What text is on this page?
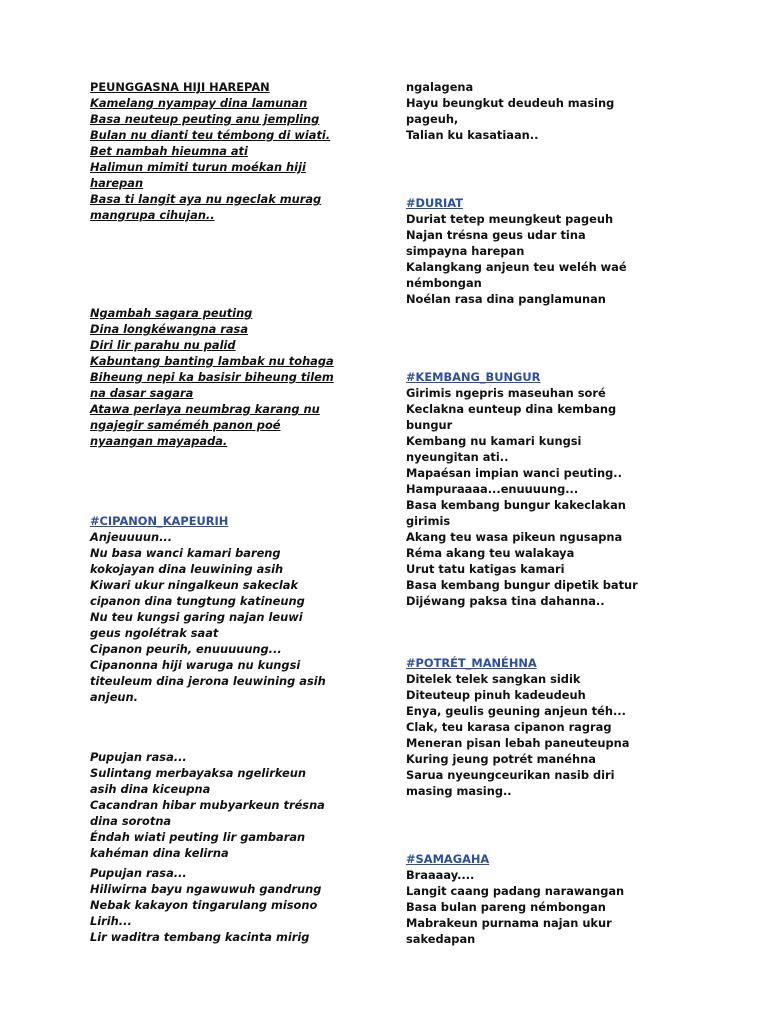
PEUNGGASNA HIJI HAREPAN
Kamelang nyampay dina lamunan
Basa neuteup peuting anu jempling
Bulan nu dianti teu témbong di wiati.
Bet nambah hieumna ati
Halimun mimiti turun moékan hiji
harepan
Basa ti langit aya nu ngeclak murag
mangrupa cihujan..
Ngambah sagara peuting
Dina longkéwangna rasa
Diri lir parahu nu palid
Kabuntang banting lambak nu tohaga
Biheung nepi ka basisir biheung tilem
na dasar sagara
Atawa perlaya neumbrag karang nu
ngajegir saméméh panon poé
nyaangan mayapada.
#CIPANON_KAPEURIH
Anjeuuuun...
Nu basa wanci kamari bareng
kokojayan dina leuwining asih
Kiwari ukur ningalkeun sakeclak
cipanon dina tungtung katineung
Nu teu kungsi garing najan leuwi
geus ngolétrak saat
Cipanon peurih, enuuuuung...
Cipanonna hiji waruga nu kungsi
titeuleum dina jerona leuwining asih
anjeun.
Pupujan rasa...
Sulintang merbayaksa ngelirkeun
asih dina kiceupna
Cacandran hibar mubyarkeun trésna
dina sorotna
Éndah wiati peuting lir gambaran
kahéman dina kelirna
Pupujan rasa...
Hiliwirna bayu ngawuwuh gandrung
Nebak kakayon tingarulang misono
Lirih...
Lir waditra tembang kacinta mirig
ngalagena
Hayu beungkut deudeuh masing
pageuh,
Talian ku kasatiaan..
#DURIAT
Duriat tetep meungkeut pageuh
Najan trésna geus udar tina
simpayna harepan
Kalangkang anjeun teu weléh waé
némbongan
Noélan rasa dina panglamunan
#KEMBANG_BUNGUR
Girimis ngepris maseuhan soré
Keclakna eunteup dina kembang
bungur
Kembang nu kamari kungsi
nyeungitan ati..
Mapaésan impian wanci peuting..
Hampuraaaa...enuuuung...
Basa kembang bungur kakeclakan
girimis
Akang teu wasa pikeun ngusapna
Réma akang teu walakaya
Urut tatu katigas kamari
Basa kembang bungur dipetik batur
Dijéwang paksa tina dahanna..
#POTRÉT_MANÉHNA
Ditelek telek sangkan sidik
Diteuteup pinuh kadeudeuh
Enya, geulis geuning anjeun téh...
Clak, teu karasa cipanon ragrag
Meneran pisan lebah paneuteupna
Kuring jeung potrét manéhna
Sarua nyeungceurikan nasib diri
masing masing..
#SAMAGAHA
Braaaay....
Langit caang padang narawangan
Basa bulan pareng némbongan
Mabrakeun purnama najan ukur
sakedapan
